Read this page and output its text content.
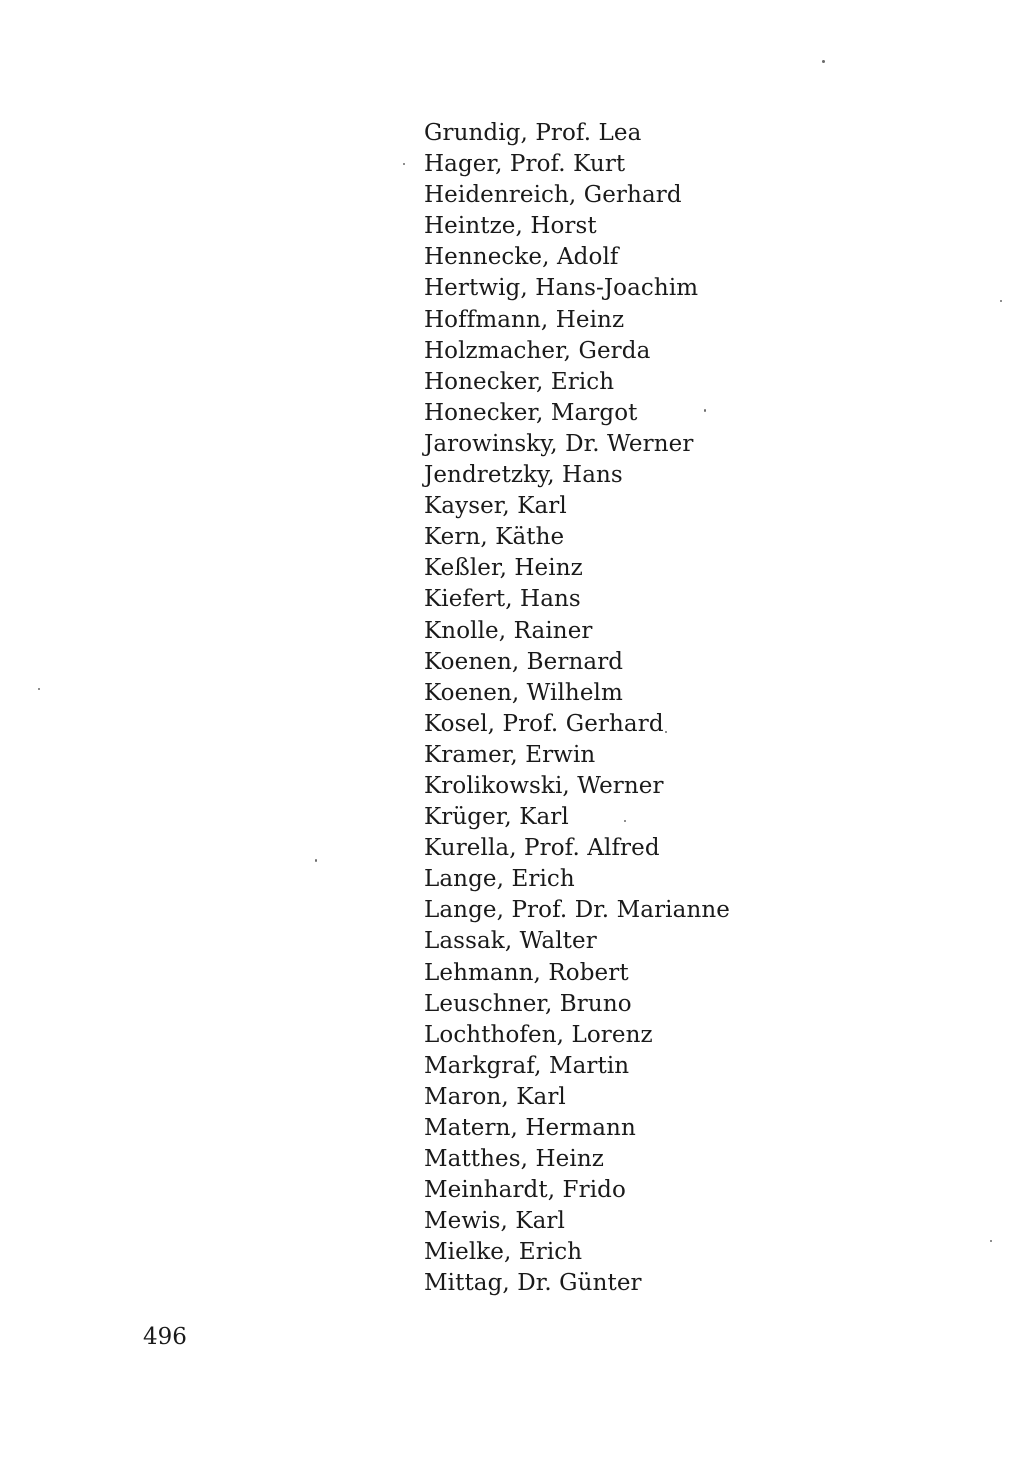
Grundig, Prof. Lea
Hager, Prof. Kurt
Heidenreich, Gerhard
Heintze, Horst
Hennecke, Adolf
Hertwig, Hans-Joachim
Hoffmann, Heinz
Holzmacher, Gerda
Honecker, Erich
Honecker, Margot
Jarowinsky, Dr. Werner
Jendretzky, Hans
Kayser, Karl
Kern, Käthe
Keßler, Heinz
Kiefert, Hans
Knolle, Rainer
Koenen, Bernard
Koenen, Wilhelm
Kosel, Prof. Gerhard
Kramer, Erwin
Krolikowski, Werner
Krüger, Karl
Kurella, Prof. Alfred
Lange, Erich
Lange, Prof. Dr. Marianne
Lassak, Walter
Lehmann, Robert
Leuschner, Bruno
Lochthofen, Lorenz
Markgraf, Martin
Maron, Karl
Matern, Hermann
Matthes, Heinz
Meinhardt, Frido
Mewis, Karl
Mielke, Erich
Mittag, Dr. Günter
496
